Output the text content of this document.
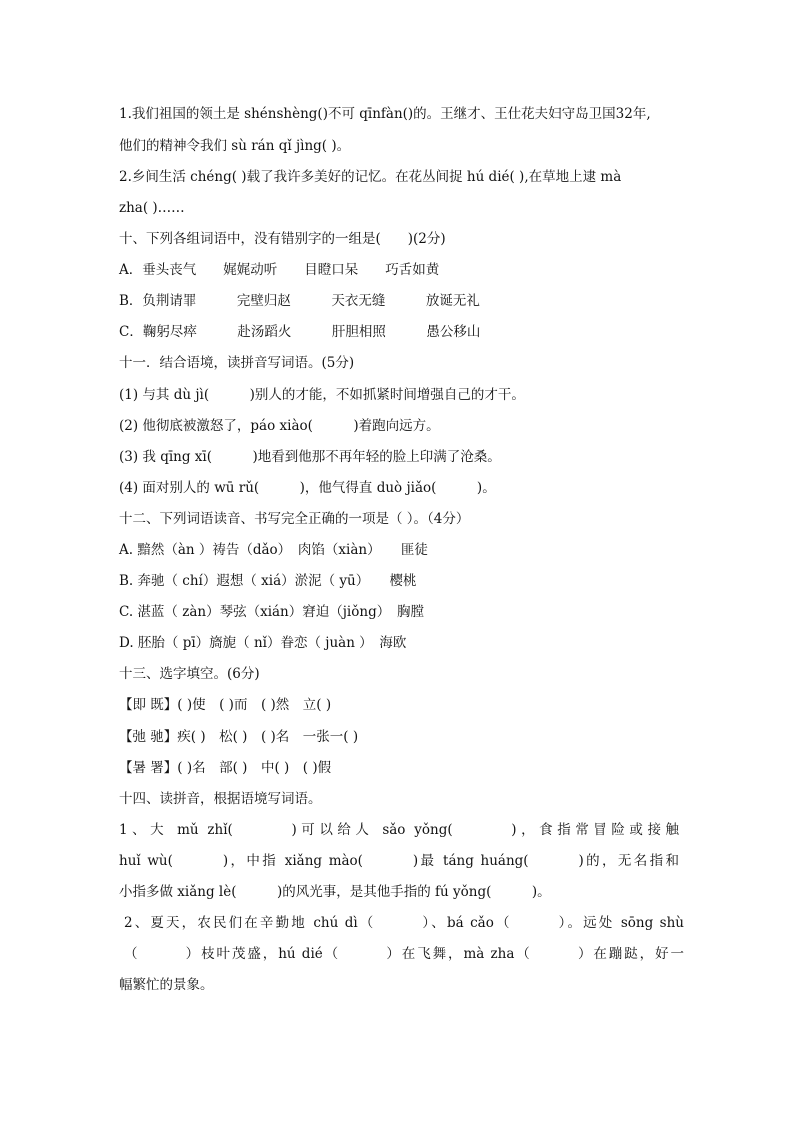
1.我们祖国的领土是 shénshèng()不可 qīnfàn()的。王继才、王仕花夫妇守岛卫国32年,
他们的精神令我们 sù rán qǐ jìng( )。
2.乡间生活 chéng( )载了我许多美好的记忆。在花丛间捉 hú dié( ),在草地上逮 mà
zha( )……
十、下列各组词语中，没有错别字的一组是(　　)(2分)
A．垂头丧气　　娓娓动听　　目瞪口呆　　巧舌如黄
B．负荆请罪　　　完壁归赵　　　天衣无缝　　　放诞无礼
C．鞠躬尽瘁　　　赴汤蹈火　　　肝胆相照　　　愚公移山
十一．结合语境，读拼音写词语。(5分)
(1) 与其 dù jì(　　　)别人的才能，不如抓紧时间增强自己的才干。
(2) 他彻底被激怒了，páo xiào(　　　)着跑向远方。
(3) 我 qīng xī(　　　)地看到他那不再年轻的脸上印满了沧桑。
(4) 面对别人的 wū rǔ(　　　)，他气得直 duò jiǎo(　　　)。
十二、下列词语读音、书写完全正确的一项是（ ）。（4分）
A. 黯然（àn ）祷告（dǎo）　肉馅（xiàn）　　匪徒
B. 奔驰（ chí）遐想（ xiá）淤泥（ yū）　　樱桃
C. 湛蓝（ zàn）琴弦（xián）窘迫（jiǒng）　胸膛
D. 胚胎（ pī）旖旎（ nǐ）眷恋（ juàn ）　海欧
十三、选字填空。(6分)
【即 既】( )使　( )而　( )然　立( )
【弛 驰】疾( )　松( )　( )名　一张一( )
【暑 署】( )名　部( )　中( )　( )假
十四、读拼音，根据语境写词语。
1、大 mǔ zhǐ(　　　)可以给人 sǎo yǒng(　　　)，食指常冒险或接触
huǐ wù(　　　)，中指 xiǎng mào(　　　)最 táng huáng(　　　)的，无名指和
小指多做 xiǎng lè(　　　)的风光事，是其他手指的 fú yǒng(　　　)。
2、夏天，农民们在辛勤地 chú dì（　　　）、bá cǎo（　　　）。远处 sōng shù
（　　　）枝叶茂盛，hú dié（　　　）在飞舞，mà zha（　　　）在蹦跶，好一
幅繁忙的景象。
